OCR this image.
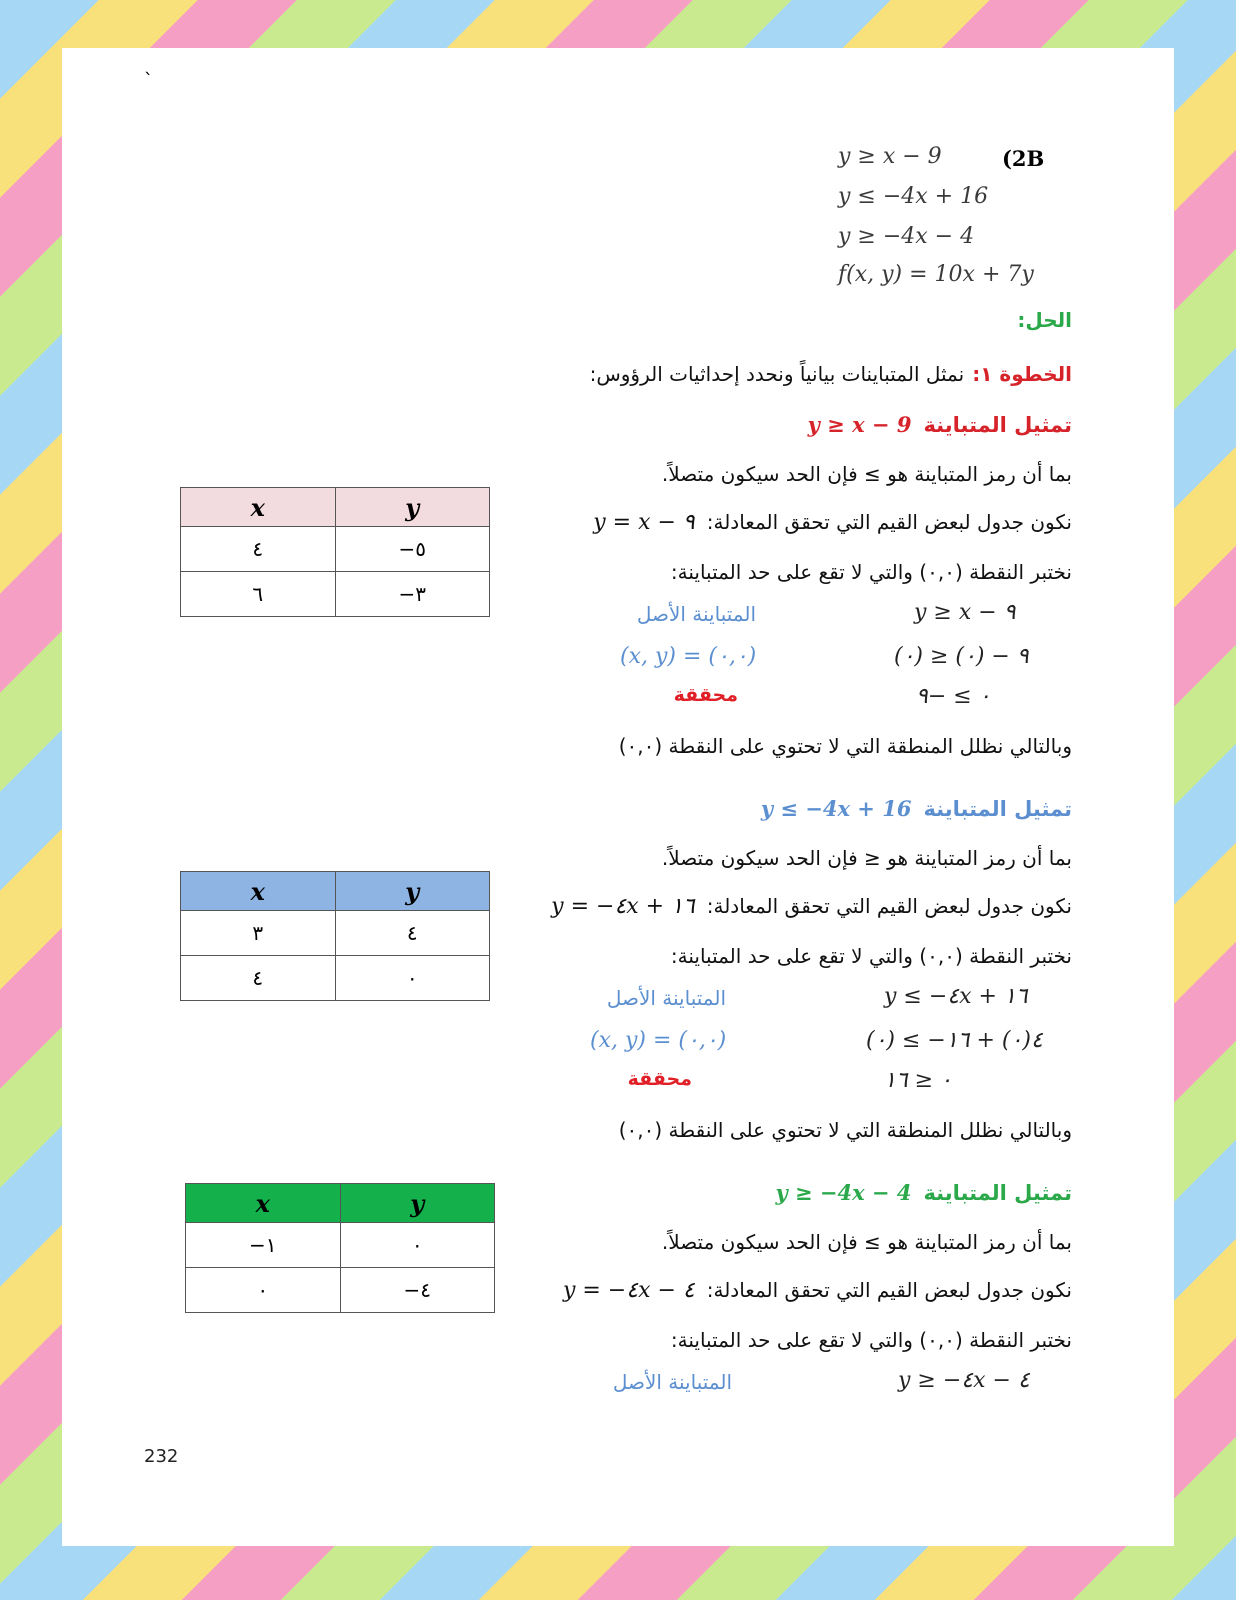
`
(2B
y ≥ x − 9
y ≤ −4x + 16
y ≥ −4x − 4
f(x, y) = 10x + 7y
الحل:
الخطوة ١:
نمثل المتباينات بيانياً ونحدد إحداثيات الرؤوس:
تمثيل المتباينة
y ≥ x − 9
بما أن رمز المتباينة هو ≥ فإن الحد سيكون متصلاً.
نكون جدول لبعض القيم التي تحقق المعادلة:
y = x − ٩
نختبر النقطة (٠,٠) والتي لا تقع على حد المتباينة:
المتباينة الأصل	y ≥ x − ٩
(x, y) = (٠,٠)	(٠) ≥ (٠) − ٩
محققة	٠ ≥ −٩
وبالتالي نظلل المنطقة التي لا تحتوي على النقطة (٠,٠)
x	y
٤	−٥
٦	−٣
تمثيل المتباينة
y ≤ −4x + 16
بما أن رمز المتباينة هو ≤ فإن الحد سيكون متصلاً.
نكون جدول لبعض القيم التي تحقق المعادلة:
y = −٤x + ١٦
نختبر النقطة (٠,٠) والتي لا تقع على حد المتباينة:
المتباينة الأصل	y ≤ −٤x + ١٦
(x, y) = (٠,٠)	(٠) ≤ −٤(٠) + ١٦
محققة	٠ ≤ ١٦
وبالتالي نظلل المنطقة التي لا تحتوي على النقطة (٠,٠)
x	y
٣	٤
٤	٠
تمثيل المتباينة
y ≥ −4x − 4
بما أن رمز المتباينة هو ≥ فإن الحد سيكون متصلاً.
نكون جدول لبعض القيم التي تحقق المعادلة:
y = −٤x − ٤
نختبر النقطة (٠,٠) والتي لا تقع على حد المتباينة:
المتباينة الأصل	y ≥ −٤x − ٤
x	y
−١	٠
٠	−٤
232
